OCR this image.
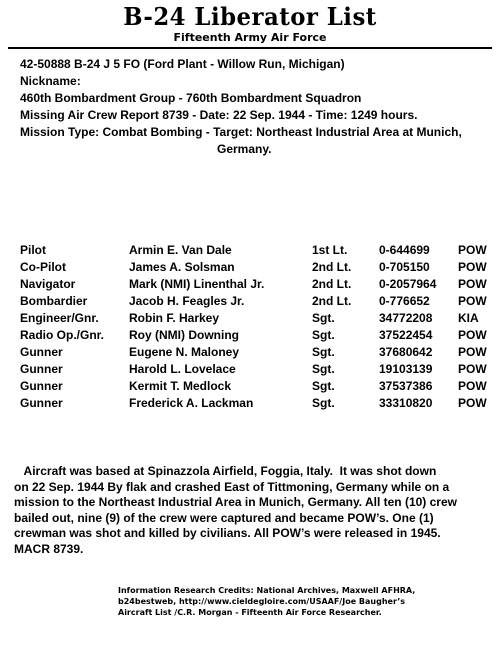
B-24 Liberator List
Fifteenth Army Air Force
42-50888 B-24 J 5 FO (Ford Plant - Willow Run, Michigan)
Nickname:
460th Bombardment Group - 760th Bombardment Squadron
Missing Air Crew Report 8739 - Date: 22 Sep. 1944 - Time: 1249 hours.
Mission Type: Combat Bombing - Target: Northeast Industrial Area at Munich,
Germany.
Pilot	Armin E. Van Dale	1st Lt.	0-644699 POW
Co-Pilot	James A. Solsman	2nd Lt. 0-705150 POW
Navigator	Mark (NMI) Linenthal Jr.	2nd Lt. 0-2057964 POW
Bombardier	Jacob H. Feagles Jr.	2nd Lt. 0-776652 POW
Engineer/Gnr.	Robin F. Harkey	Sgt.	34772208 KIA
Radio Op./Gnr. Roy (NMI) Downing	Sgt.	37522454 POW
Gunner	Eugene N. Maloney	Sgt.	37680642 POW
Gunner	Harold L. Lovelace	Sgt.	19103139 POW
Gunner	Kermit T. Medlock	Sgt.	37537386 POW
Gunner	Frederick A. Lackman	Sgt.	33310820 POW
Aircraft was based at Spinazzola Airfield, Foggia, Italy.  It was shot down
on 22 Sep. 1944 By flak and crashed East of Tittmoning, Germany while on a
mission to the Northeast Industrial Area in Munich, Germany. All ten (10) crew
bailed out, nine (9) of the crew were captured and became POW’s. One (1)
crewman was shot and killed by civilians. All POW’s were released in 1945.
MACR 8739.
Information Research Credits: National Archives, Maxwell AFHRA,
b24bestweb, http://www.cieldegloire.com/USAAF/Joe Baugher’s
Aircraft List /C.R. Morgan - Fifteenth Air Force Researcher.
